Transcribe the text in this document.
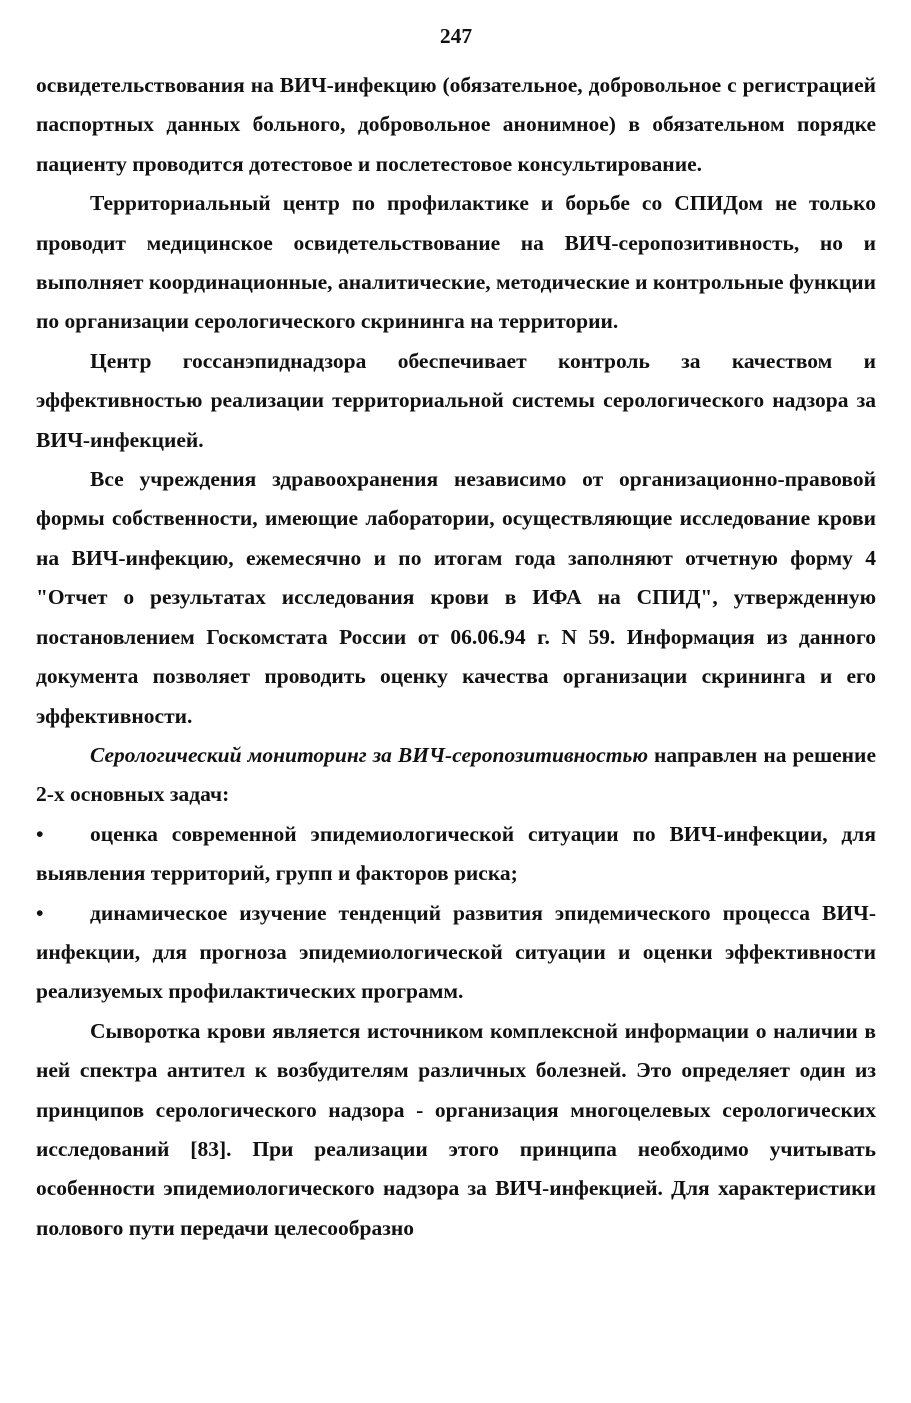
247

освидетельствования на ВИЧ-инфекцию (обязательное, добровольное с регистрацией паспортных данных больного, добровольное анонимное) в обязательном порядке пациенту проводится дотестовое и послетестовое консультирование.

Территориальный центр по профилактике и борьбе со СПИДом не только проводит медицинское освидетельствование на ВИЧ-серопозитивность, но и выполняет координационные, аналитические, методические и контрольные функции по организации серологического скрининга на территории.

Центр госсанэпиднадзора обеспечивает контроль за качеством и эффективностью реализации территориальной системы серологического надзора за ВИЧ-инфекцией.

Все учреждения здравоохранения независимо от организационно-правовой формы собственности, имеющие лаборатории, осуществляющие исследование крови на ВИЧ-инфекцию, ежемесячно и по итогам года заполняют отчетную форму 4 "Отчет о результатах исследования крови в ИФА на СПИД", утвержденную постановлением Госкомстата России от 06.06.94 г. N 59. Информация из данного документа позволяет проводить оценку качества организации скрининга и его эффективности.

Серологический мониторинг за ВИЧ-серопозитивностью направлен на решение 2-х основных задач:

• оценка современной эпидемиологической ситуации по ВИЧ-инфекции, для выявления территорий, групп и факторов риска;

• динамическое изучение тенденций развития эпидемического процесса ВИЧ-инфекции, для прогноза эпидемиологической ситуации и оценки эффективности реализуемых профилактических программ.

Сыворотка крови является источником комплексной информации о наличии в ней спектра антител к возбудителям различных болезней. Это определяет один из принципов серологического надзора - организация многоцелевых серологических исследований [83]. При реализации этого принципа необходимо учитывать особенности эпидемиологического надзора за ВИЧ-инфекцией. Для характеристики полового пути передачи целесообразно
